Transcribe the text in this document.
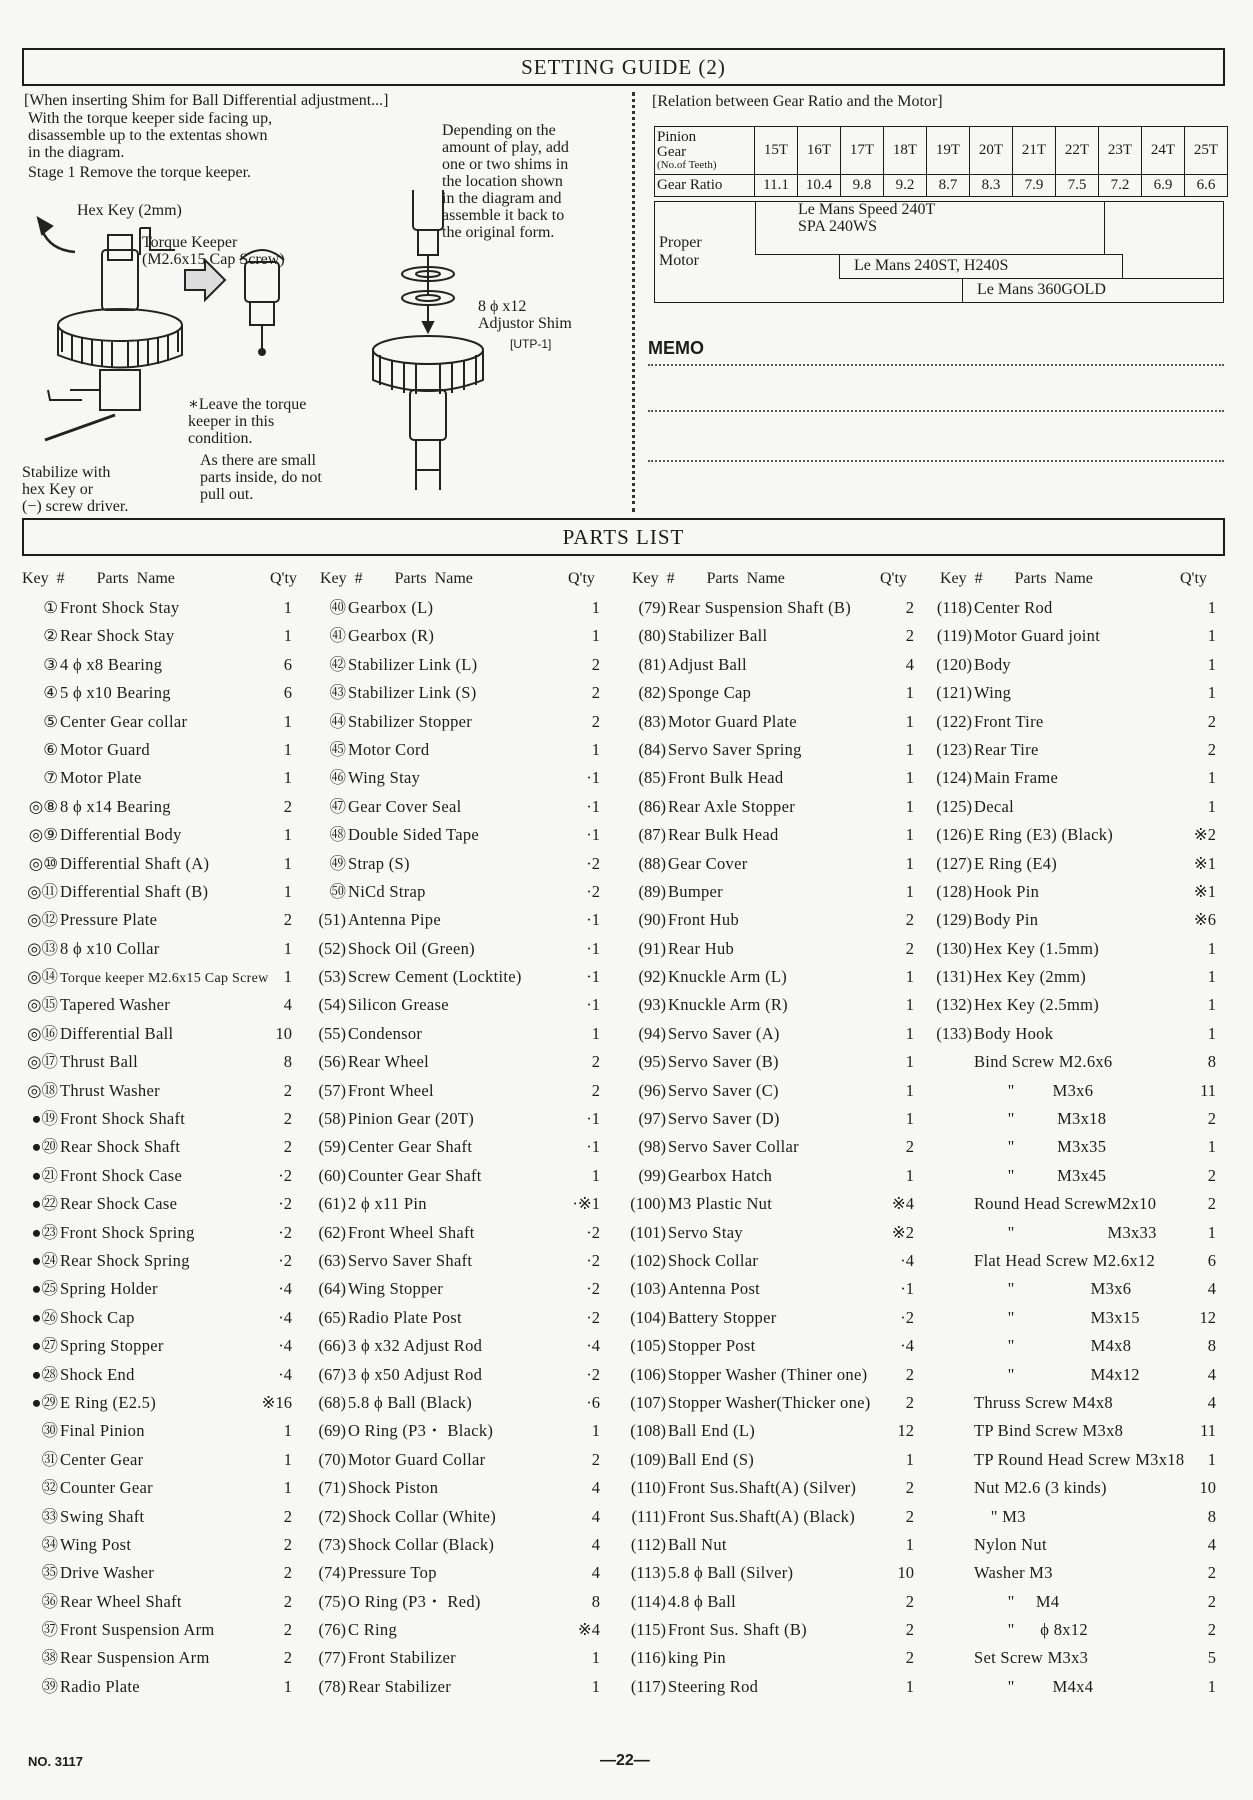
SETTING GUIDE (2)
[When inserting Shim for Ball Differential adjustment...]
With the torque keeper side facing up,
disassemble up to the extentas shown
in the diagram.
Stage 1 Remove the torque keeper.
Depending on the
amount of play, add
one or two shims in
the location shown
in the diagram and
assemble it back to
the original form.
Hex Key (2mm)
Torque Keeper
(M2.6x15 Cap Screw)
8 ϕ x12
Adjustor Shim
[UTP-1]
∗Leave the torque
keeper in this
condition.
As there are small
parts inside, do not
pull out.
Stabilize with
hex Key or
(−) screw driver.
[Relation between Gear Ratio and the Motor]
Pinion
Gear
(No.of Teeth)	15T	16T	17T	18T	19T	20T	21T	22T	23T	24T	25T
Gear Ratio	11.1	10.4	9.8	9.2	8.7	8.3	7.9	7.5	7.2	6.9	6.6
Proper
Motor
Le Mans Speed 240T
SPA 240WS
Le Mans 240ST, H240S
Le Mans 360GOLD
MEMO
PARTS LIST
Key # Parts Name	Q'ty Key # Parts Name	Q'ty Key # Parts Name	Q'ty Key # Parts Name	Q'ty
① Front Shock Stay	1
② Rear Shock Stay	1
③ 4 ϕ x8 Bearing	6
④ 5 ϕ x10 Bearing	6
⑤ Center Gear collar	1
⑥ Motor Guard	1
⑦ Motor Plate	1
◎⑧ 8 ϕ x14 Bearing	2
◎⑨ Differential Body	1
◎⑩ Differential Shaft (A)	1
◎⑪ Differential Shaft (B)	1
◎⑫ Pressure Plate	2
◎⑬ 8 ϕ x10 Collar	1
◎⑭ Torque keeper M2.6x15 Cap Screw 1
◎⑮ Tapered Washer	4
◎⑯ Differential Ball	10
◎⑰ Thrust Ball	8
◎⑱ Thrust Washer	2
●⑲ Front Shock Shaft	2
●⑳ Rear Shock Shaft	2
●㉑ Front Shock Case	·2
●㉒ Rear Shock Case	·2
●㉓ Front Shock Spring	·2
●㉔ Rear Shock Spring	·2
●㉕ Spring Holder	·4
●㉖ Shock Cap	·4
●㉗ Spring Stopper	·4
●㉘ Shock End	·4
●㉙ E Ring (E2.5)	※16
㉚ Final Pinion	1
㉛ Center Gear	1
㉜ Counter Gear	1
㉝ Swing Shaft	2
㉞ Wing Post	2
㉟ Drive Washer	2
㊱ Rear Wheel Shaft	2
㊲ Front Suspension Arm	2
㊳ Rear Suspension Arm	2
㊴ Radio Plate	1
㊵ Gearbox (L)	1
㊶ Gearbox (R)	1
㊷ Stabilizer Link (L)	2
㊸ Stabilizer Link (S)	2
㊹ Stabilizer Stopper	2
㊺ Motor Cord	1
㊻ Wing Stay	·1
㊼ Gear Cover Seal	·1
㊽ Double Sided Tape	·1
㊾ Strap (S)	·2
㊿ NiCd Strap	·2
(51) Antenna Pipe	·1
(52) Shock Oil (Green)	·1
(53) Screw Cement (Locktite)	·1
(54) Silicon Grease	·1
(55) Condensor	1
(56) Rear Wheel	2
(57) Front Wheel	2
(58) Pinion Gear (20T)	·1
(59) Center Gear Shaft	·1
(60) Counter Gear Shaft	1
(61) 2 ϕ x11 Pin	·※1
(62) Front Wheel Shaft	·2
(63) Servo Saver Shaft	·2
(64) Wing Stopper	·2
(65) Radio Plate Post	·2
(66) 3 ϕ x32 Adjust Rod	·4
(67) 3 ϕ x50 Adjust Rod	·2
(68) 5.8 ϕ Ball (Black)	·6
(69) O Ring (P3・ Black)	1
(70) Motor Guard Collar	2
(71) Shock Piston	4
(72) Shock Collar (White)	4
(73) Shock Collar (Black)	4
(74) Pressure Top	4
(75) O Ring (P3・ Red)	8
(76) C Ring	※4
(77) Front Stabilizer	1
(78) Rear Stabilizer	1
(79) Rear Suspension Shaft (B)	2
(80) Stabilizer Ball	2
(81) Adjust Ball	4
(82) Sponge Cap	1
(83) Motor Guard Plate	1
(84) Servo Saver Spring	1
(85) Front Bulk Head	1
(86) Rear Axle Stopper	1
(87) Rear Bulk Head	1
(88) Gear Cover	1
(89) Bumper	1
(90) Front Hub	2
(91) Rear Hub	2
(92) Knuckle Arm (L)	1
(93) Knuckle Arm (R)	1
(94) Servo Saver (A)	1
(95) Servo Saver (B)	1
(96) Servo Saver (C)	1
(97) Servo Saver (D)	1
(98) Servo Saver Collar	2
(99) Gearbox Hatch	1
(100) M3 Plastic Nut	※4
(101) Servo Stay	※2
(102) Shock Collar	·4
(103) Antenna Post	·1
(104) Battery Stopper	·2
(105) Stopper Post	·4
(106) Stopper Washer (Thiner one) 2
(107) Stopper Washer(Thicker one) 2
(108) Ball End (L)	12
(109) Ball End (S)	1
(110) Front Sus.Shaft(A) (Silver)	2
(111) Front Sus.Shaft(A) (Black)	2
(112) Ball Nut	1
(113) 5.8 ϕ Ball (Silver)	10
(114) 4.8 ϕ Ball	2
(115) Front Sus. Shaft (B)	2
(116) king Pin	2
(117) Steering Rod	1
(118) Center Rod	1
(119) Motor Guard joint	1
(120) Body	1
(121) Wing	1
(122) Front Tire	2
(123) Rear Tire	2
(124) Main Frame	1
(125) Decal	1
(126) E Ring (E3) (Black)	※2
(127) E Ring (E4)	※1
(128) Hook Pin	※1
(129) Body Pin	※6
(130) Hex Key (1.5mm)	1
(131) Hex Key (2mm)	1
(132) Hex Key (2.5mm)	1
(133) Body Hook	1
Bind Screw M2.6x6	8
　　" 　　M3x6	11
　　" 　　 M3x18	2
　　" 　　 M3x35	1
　　" 　　 M3x45	2
Round Head ScrewM2x10	2
　　" 　　　　　 M3x33	1
Flat Head Screw M2.6x12	6
　　" 　　　　 M3x6	4
　　" 　　　　 M3x15	12
　　" 　　　　 M4x8	8
　　" 　　　　 M4x12	4
Thruss Screw M4x8	4
TP Bind Screw M3x8	11
TP Round Head Screw M3x18 1
Nut M2.6 (3 kinds)	10
　" M3	8
Nylon Nut	4
Washer M3	2
　　" 　M4	2
　　" 　 ϕ 8x12	2
Set Screw M3x3	5
　　" 　　M4x4	1
NO. 3117	—22—
